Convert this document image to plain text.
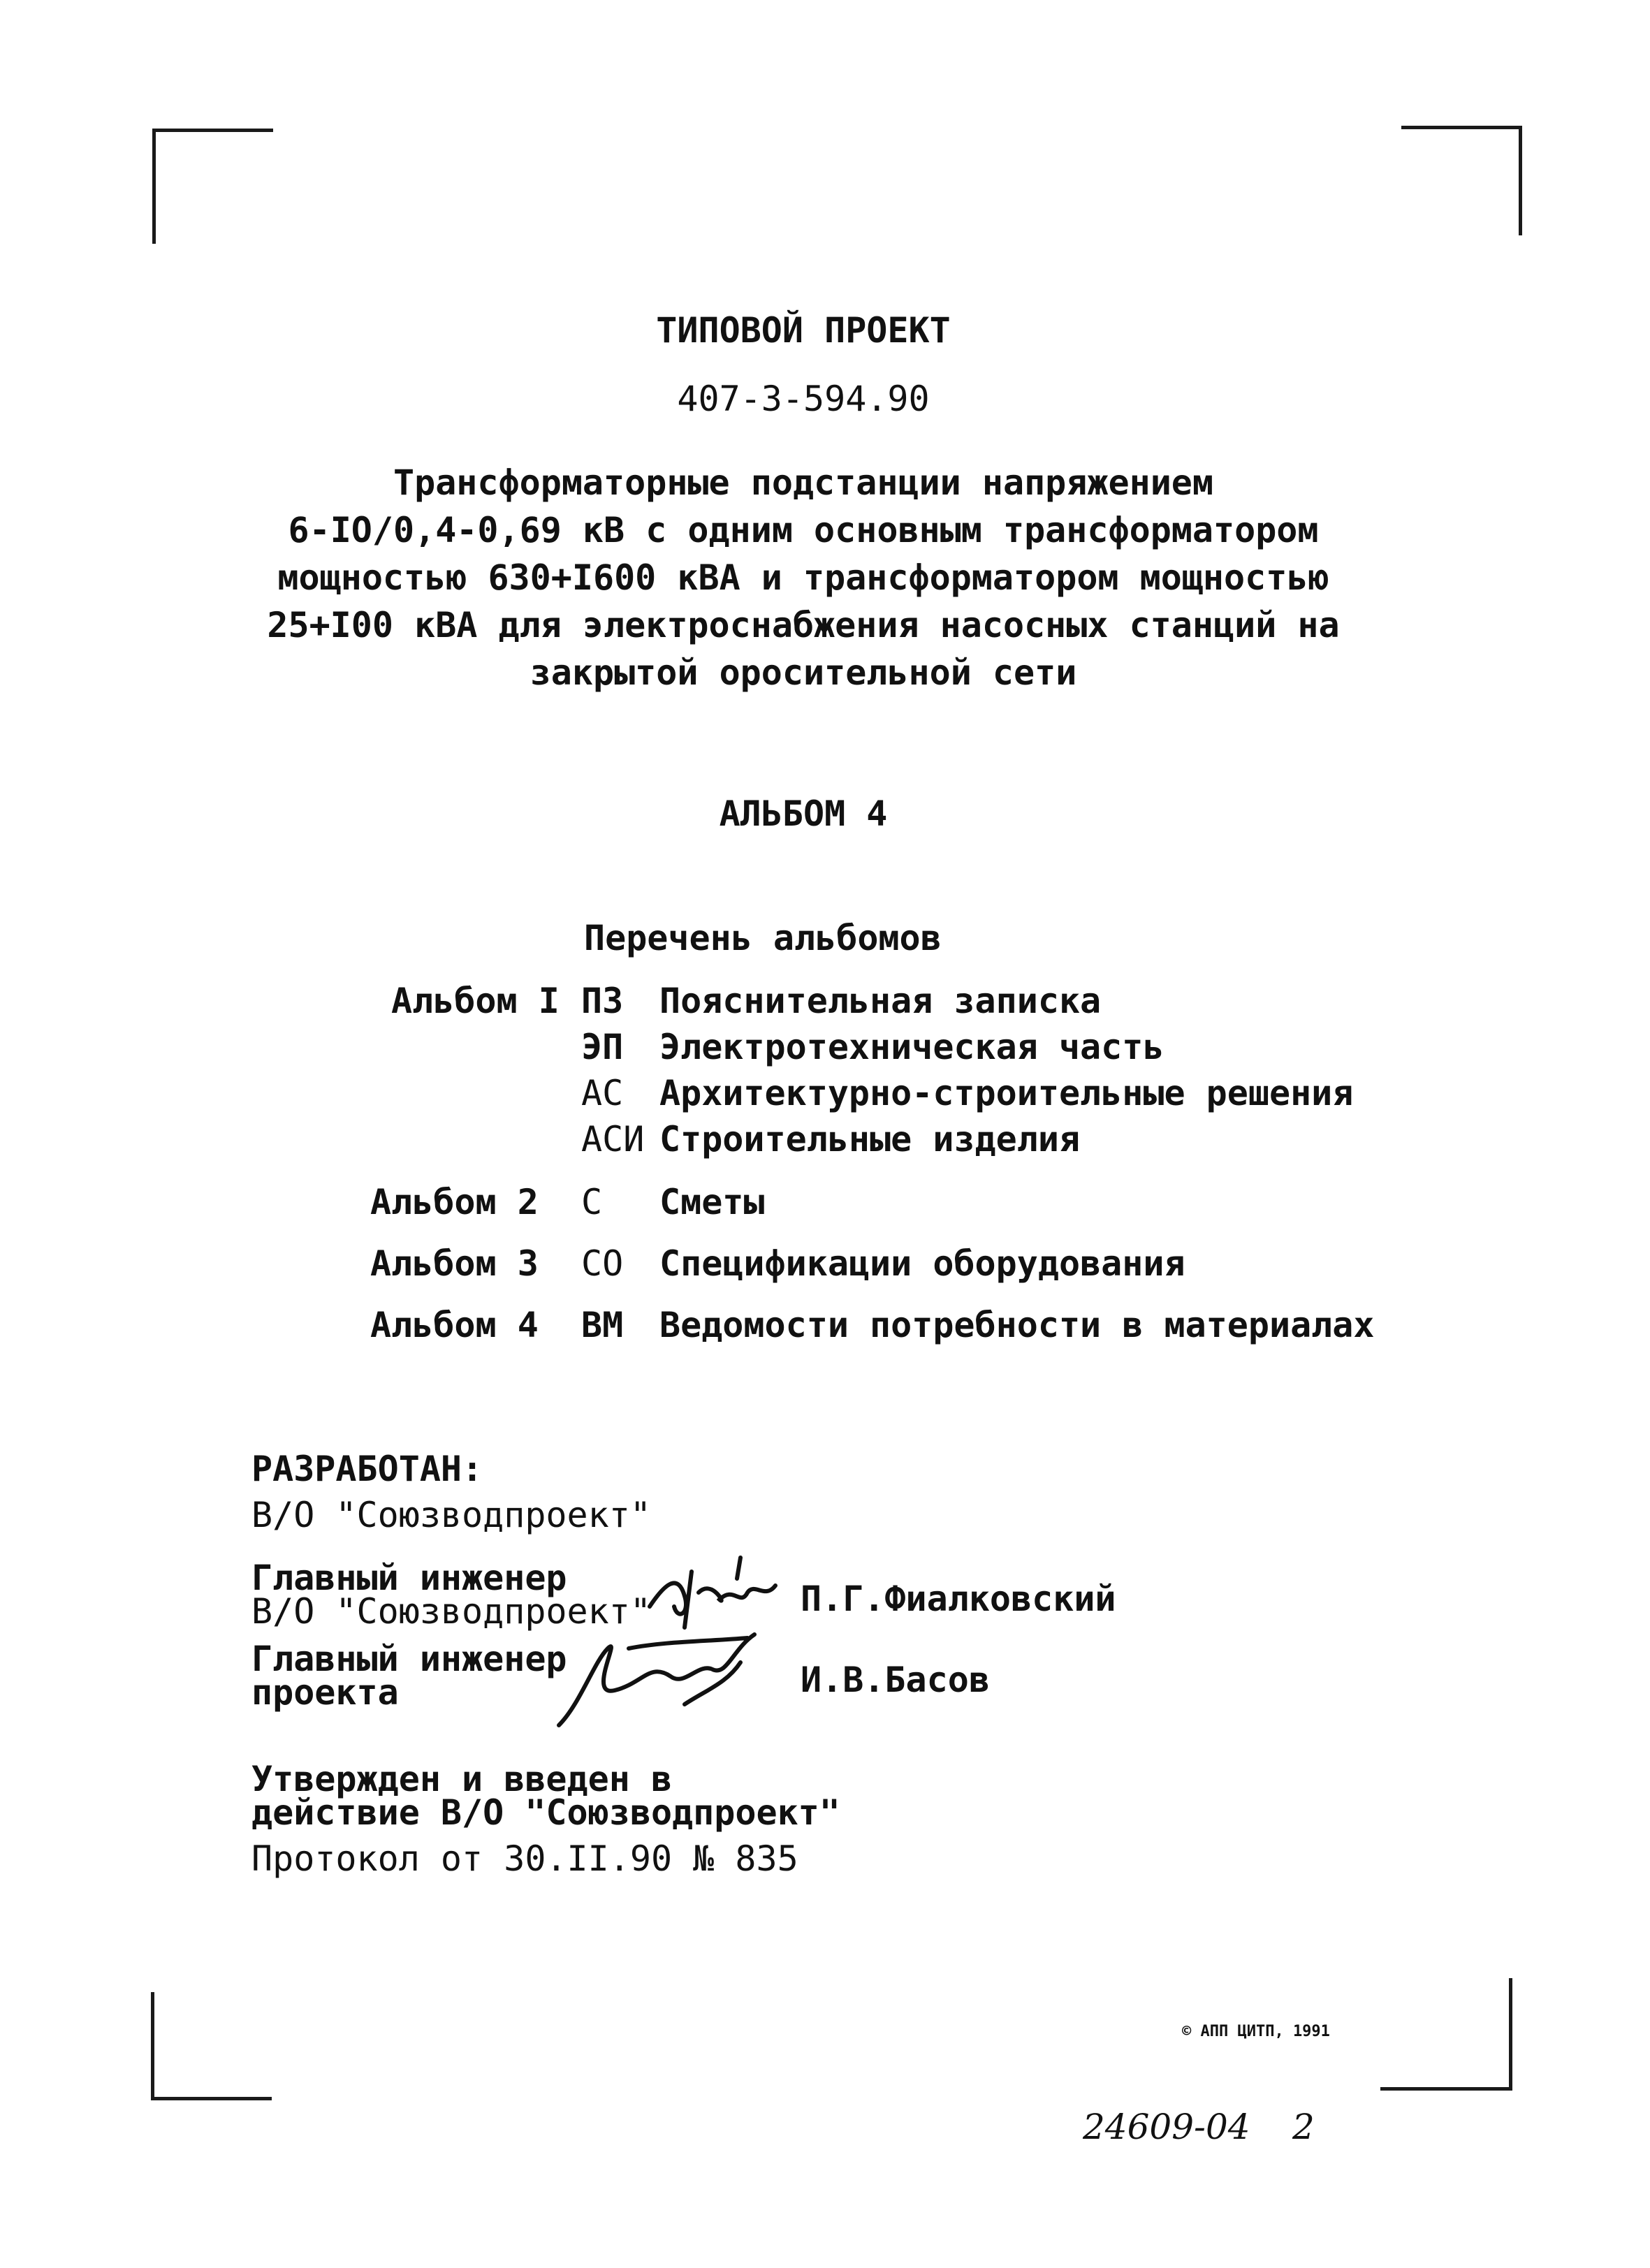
ТИПОВОЙ ПРОЕКТ
407-3-594.90
Трансформаторные подстанции напряжением
6-IO/0,4-0,69 кВ с одним основным трансформатором
мощностью 630+I600 кВА и трансформатором мощностью
25+I00 кВА для электроснабжения насосных станций на
закрытой оросительной сети
АЛЬБОМ 4
Перечень альбомов
Альбом I ПЗ Пояснительная записка
ЭП Электротехническая часть
АС Архитектурно-строительные решения
АСИ Строительные изделия
Альбом 2 С Сметы
Альбом 3 СО Спецификации оборудования
Альбом 4 ВМ Ведомости потребности в материалах
РАЗРАБОТАН:
В/О "Союзводпроект"
Главный инженер
В/О "Союзводпроект"	П.Г.Фиалковский
Главный инженер
проекта	И.В.Басов
Утвержден и введен в
действие В/О "Союзводпроект"
Протокол от 30.II.90 № 835
© АПП ЦИТП, 1991
24609-04 2
